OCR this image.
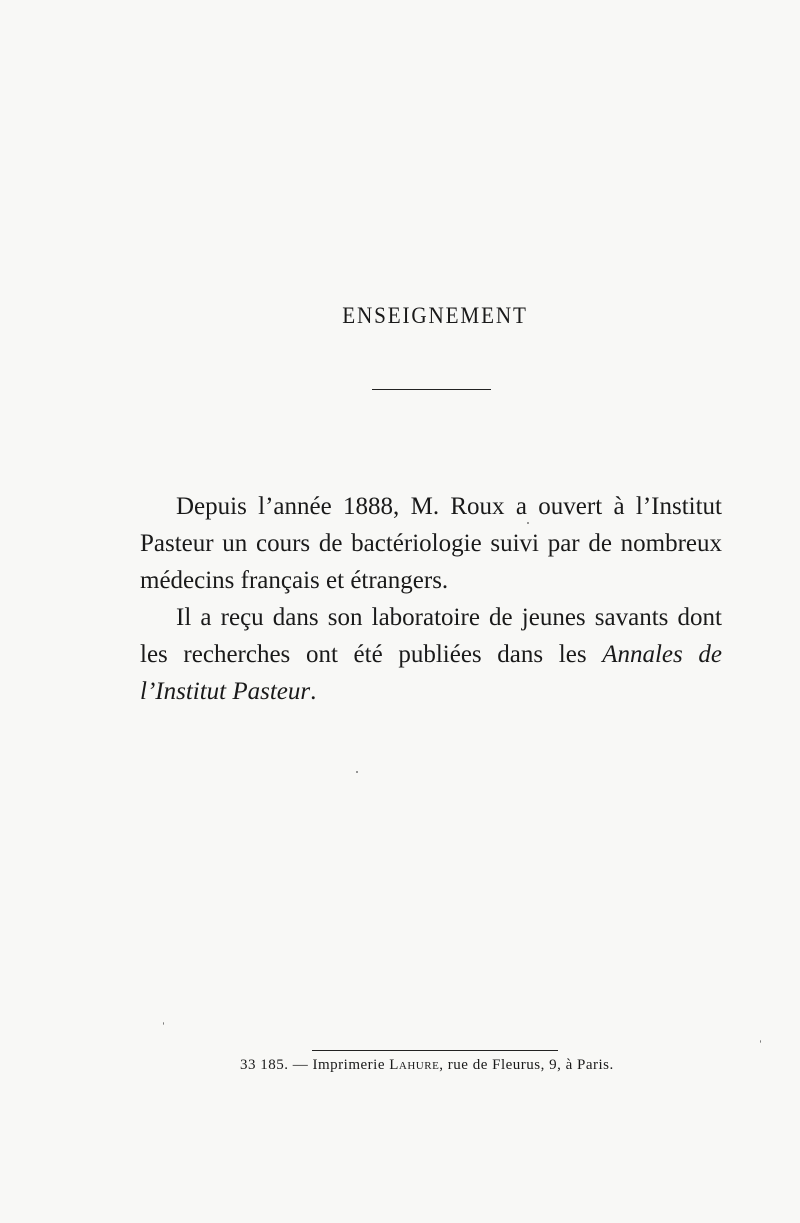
ENSEIGNEMENT

Depuis l’année 1888, M. Roux a ouvert à l’Institut Pasteur un cours de bactériologie suivi par de nombreux médecins français et étrangers.

Il a reçu dans son laboratoire de jeunes savants dont les recherches ont été publiées dans les Annales de l’Institut Pasteur.

33 185. — Imprimerie Lahure, rue de Fleurus, 9, à Paris.
